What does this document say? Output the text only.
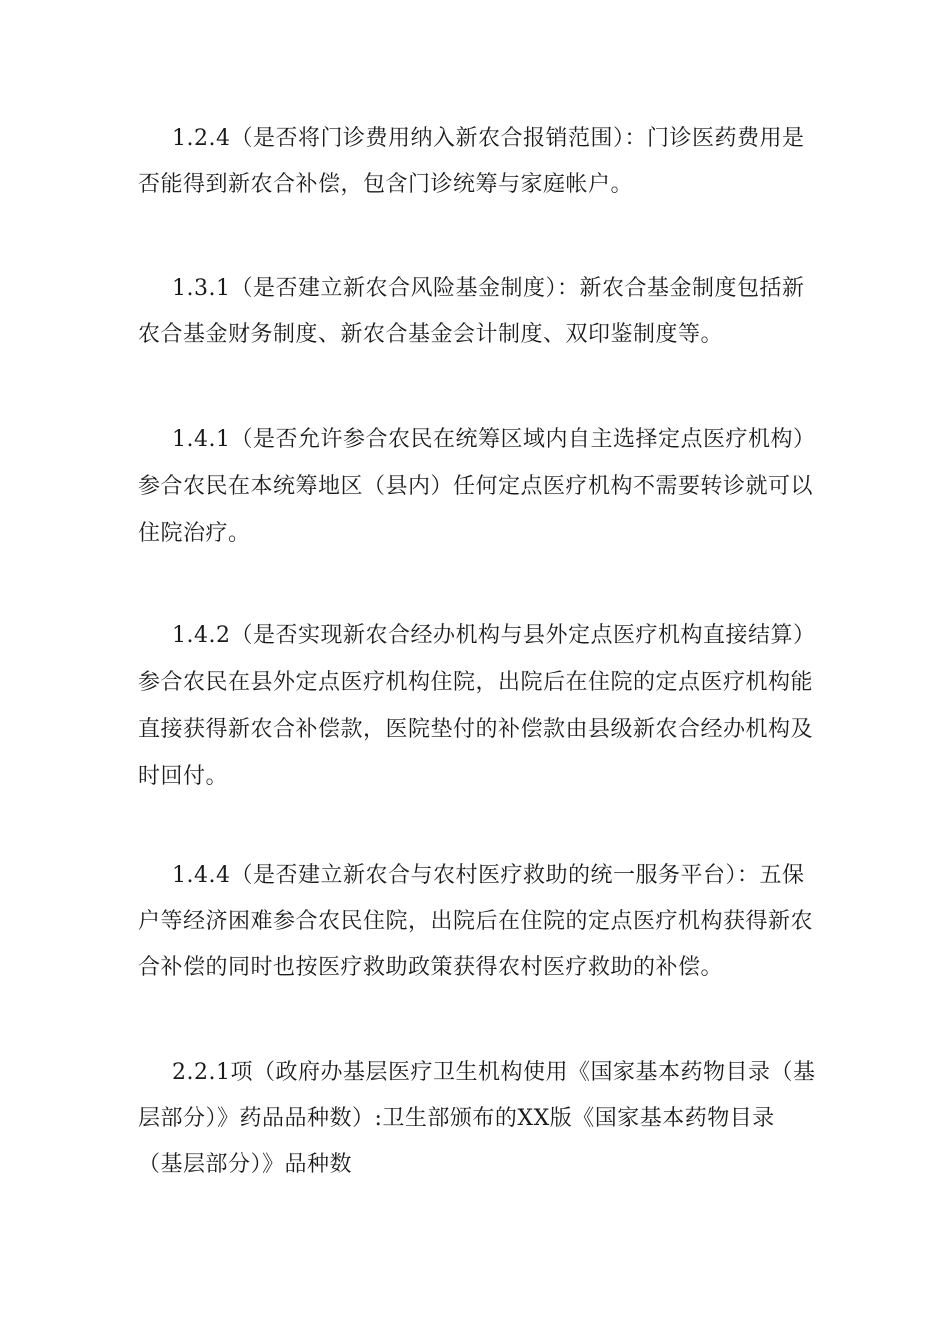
1.2.4（是否将门诊费用纳入新农合报销范围）：门诊医药费用是否能得到新农合补偿，包含门诊统筹与家庭帐户。

1.3.1（是否建立新农合风险基金制度）：新农合基金制度包括新农合基金财务制度、新农合基金会计制度、双印鉴制度等。

1.4.1（是否允许参合农民在统筹区域内自主选择定点医疗机构）参合农民在本统筹地区（县内）任何定点医疗机构不需要转诊就可以住院治疗。

1.4.2（是否实现新农合经办机构与县外定点医疗机构直接结算）参合农民在县外定点医疗机构住院，出院后在住院的定点医疗机构能直接获得新农合补偿款，医院垫付的补偿款由县级新农合经办机构及时回付。

1.4.4（是否建立新农合与农村医疗救助的统一服务平台）：五保户等经济困难参合农民住院，出院后在住院的定点医疗机构获得新农合补偿的同时也按医疗救助政策获得农村医疗救助的补偿。

2.2.1项（政府办基层医疗卫生机构使用《国家基本药物目录（基层部分）》药品品种数）:卫生部颁布的XX版《国家基本药物目录（基层部分）》品种数
